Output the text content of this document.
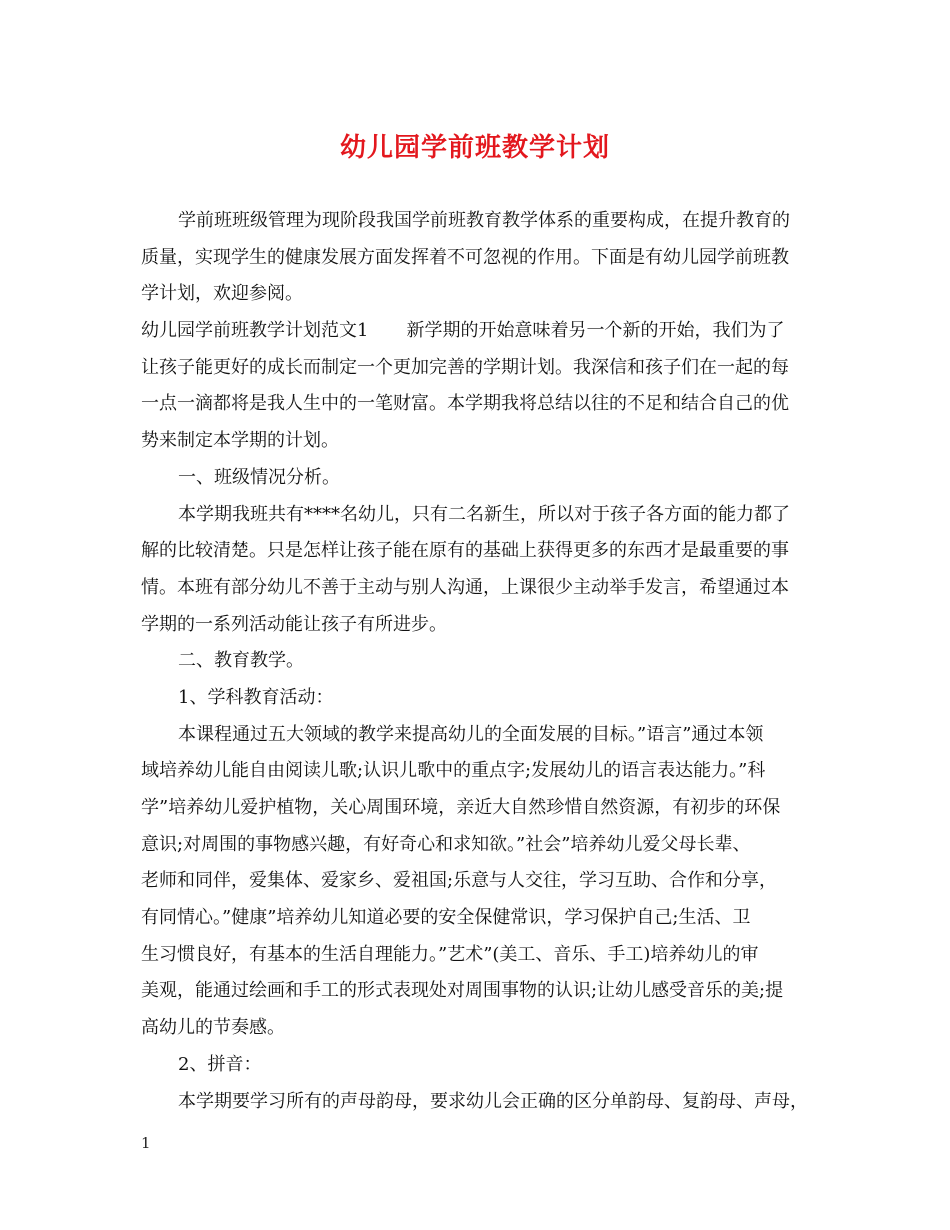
幼儿园学前班教学计划
学前班班级管理为现阶段我国学前班教育教学体系的重要构成，在提升教育的
质量，实现学生的健康发展方面发挥着不可忽视的作用。下面是有幼儿园学前班教
学计划，欢迎参阅。
幼儿园学前班教学计划范文1 新学期的开始意味着另一个新的开始，我们为了
让孩子能更好的成长而制定一个更加完善的学期计划。我深信和孩子们在一起的每
一点一滴都将是我人生中的一笔财富。本学期我将总结以往的不足和结合自己的优
势来制定本学期的计划。
一、班级情况分析。
本学期我班共有****名幼儿，只有二名新生，所以对于孩子各方面的能力都了
解的比较清楚。只是怎样让孩子能在原有的基础上获得更多的东西才是最重要的事
情。本班有部分幼儿不善于主动与别人沟通，上课很少主动举手发言，希望通过本
学期的一系列活动能让孩子有所进步。
二、教育教学。
1、学科教育活动：
本课程通过五大领域的教学来提高幼儿的全面发展的目标。”语言”通过本领
域培养幼儿能自由阅读儿歌;认识儿歌中的重点字;发展幼儿的语言表达能力。”科
学”培养幼儿爱护植物，关心周围环境，亲近大自然珍惜自然资源，有初步的环保
意识;对周围的事物感兴趣，有好奇心和求知欲。”社会”培养幼儿爱父母长辈、
老师和同伴，爱集体、爱家乡、爱祖国;乐意与人交往，学习互助、合作和分享，
有同情心。”健康”培养幼儿知道必要的安全保健常识，学习保护自己;生活、卫
生习惯良好，有基本的生活自理能力。”艺术”(美工、音乐、手工)培养幼儿的审
美观，能通过绘画和手工的形式表现处对周围事物的认识;让幼儿感受音乐的美;提
高幼儿的节奏感。
2、拼音：
本学期要学习所有的声母韵母，要求幼儿会正确的区分单韵母、复韵母、声母，
1
